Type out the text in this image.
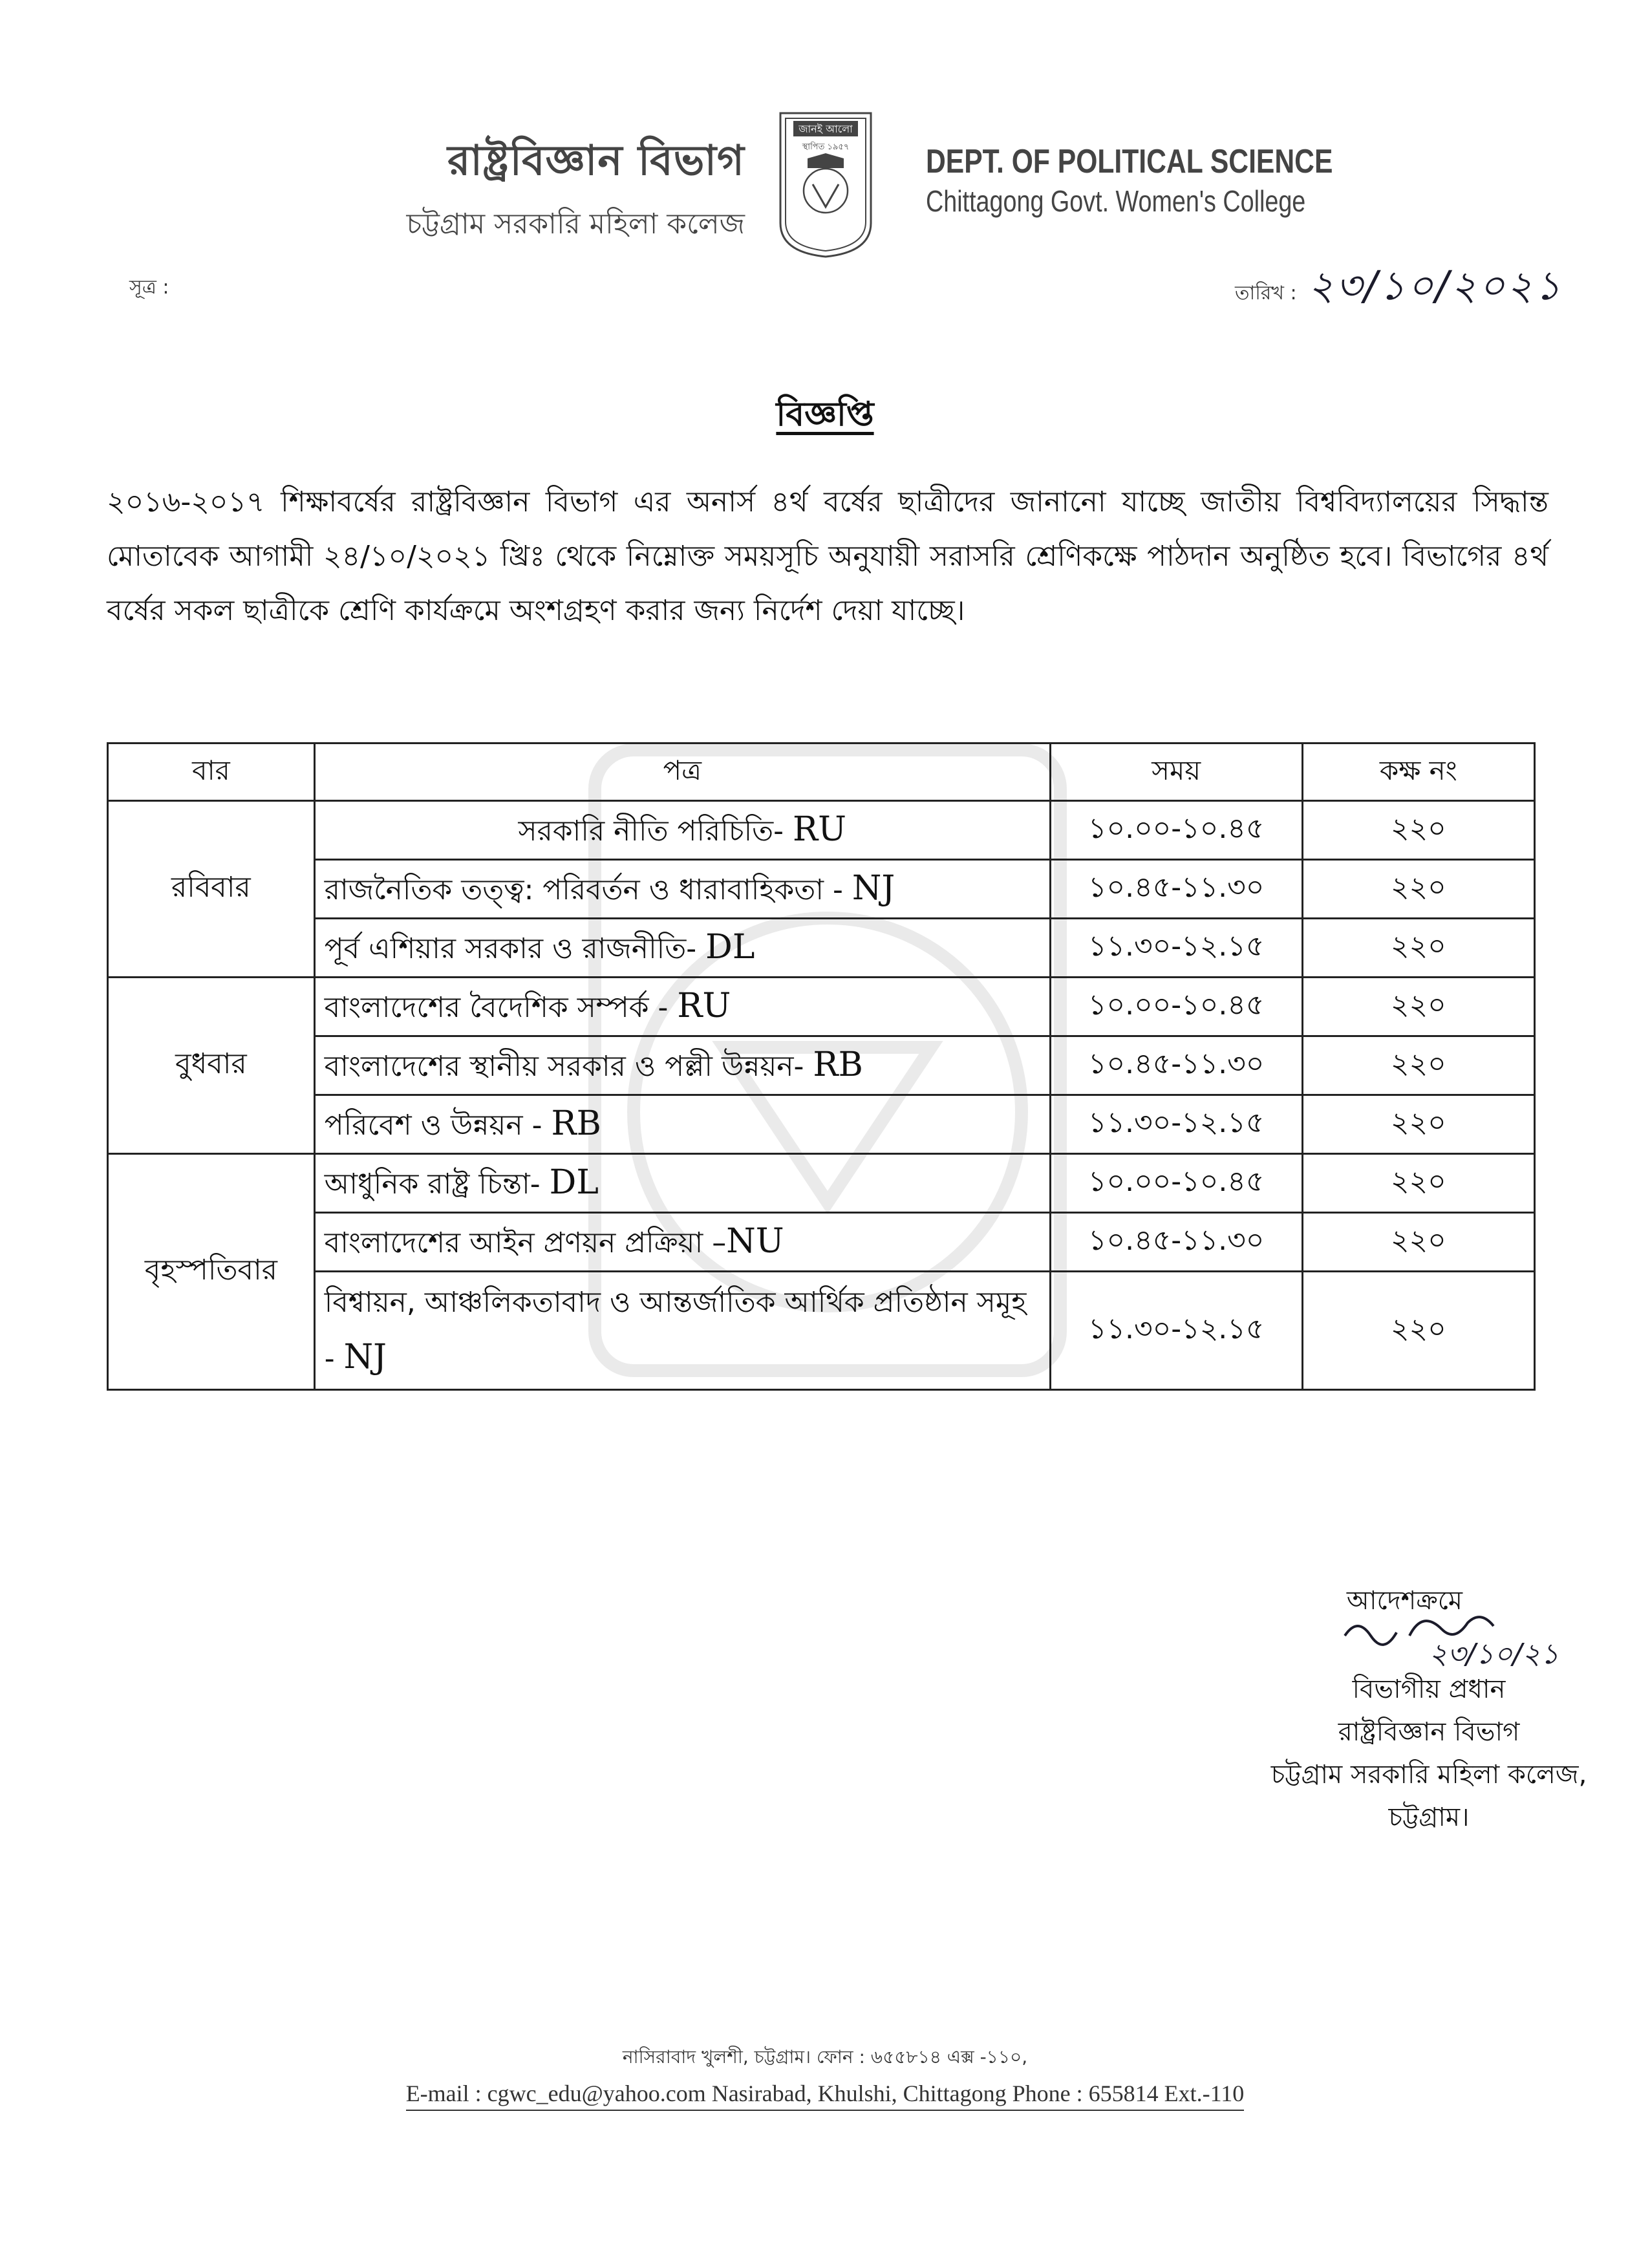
রাষ্ট্রবিজ্ঞান বিভাগ
চট্টগ্রাম সরকারি মহিলা কলেজ
জানই আলো
স্থাপিত ১৯৫৭ DEPT. OF POLITICAL SCIENCE
Chittagong Govt. Women's College
সূত্র :	তারিখ : ২৩/১০/২০২১
বিজ্ঞপ্তি
২০১৬-২০১৭ শিক্ষাবর্ষের রাষ্ট্রবিজ্ঞান বিভাগ এর অনার্স ৪র্থ বর্ষের ছাত্রীদের জানানো যাচ্ছে জাতীয় বিশ্ববিদ্যালয়ের সিদ্ধান্ত মোতাবেক আগামী ২৪/১০/২০২১ খ্রিঃ থেকে নিম্নোক্ত সময়সূচি অনুযায়ী সরাসরি শ্রেণিকক্ষে পাঠদান অনুষ্ঠিত হবে। বিভাগের ৪র্থ বর্ষের সকল ছাত্রীকে শ্রেণি কার্যক্রমে অংশগ্রহণ করার জন্য নির্দেশ দেয়া যাচ্ছে।
বার	পত্র	সময়	কক্ষ নং
রবিবার	সরকারি নীতি পরিচিতি- RU	১০.০০-১০.৪৫	২২০
	রাজনৈতিক তত্ত্ব: পরিবর্তন ও ধারাবাহিকতা - NJ	১০.৪৫-১১.৩০	২২০
	পূর্ব এশিয়ার সরকার ও রাজনীতি- DL	১১.৩০-১২.১৫	২২০
বুধবার	বাংলাদেশের বৈদেশিক সম্পর্ক - RU	১০.০০-১০.৪৫	২২০
	বাংলাদেশের স্থানীয় সরকার ও পল্লী উন্নয়ন- RB	১০.৪৫-১১.৩০	২২০
	পরিবেশ ও উন্নয়ন - RB	১১.৩০-১২.১৫	২২০
বৃহস্পতিবার	আধুনিক রাষ্ট্র চিন্তা- DL	১০.০০-১০.৪৫	২২০
	বাংলাদেশের আইন প্রণয়ন প্রক্রিয়া –NU	১০.৪৫-১১.৩০	২২০
	বিশ্বায়ন, আঞ্চলিকতাবাদ ও আন্তর্জাতিক আর্থিক প্রতিষ্ঠান সমূহ - NJ	১১.৩০-১২.১৫	২২০
আদেশক্রমে
২৩/১০/২১
বিভাগীয় প্রধান
রাষ্ট্রবিজ্ঞান বিভাগ
চট্টগ্রাম সরকারি মহিলা কলেজ,
চট্টগ্রাম।
নাসিরাবাদ খুলশী, চট্টগ্রাম। ফোন : ৬৫৫৮১৪ এক্স -১১০,
E-mail : cgwc_edu@yahoo.com Nasirabad, Khulshi, Chittagong Phone : 655814 Ext.-110
